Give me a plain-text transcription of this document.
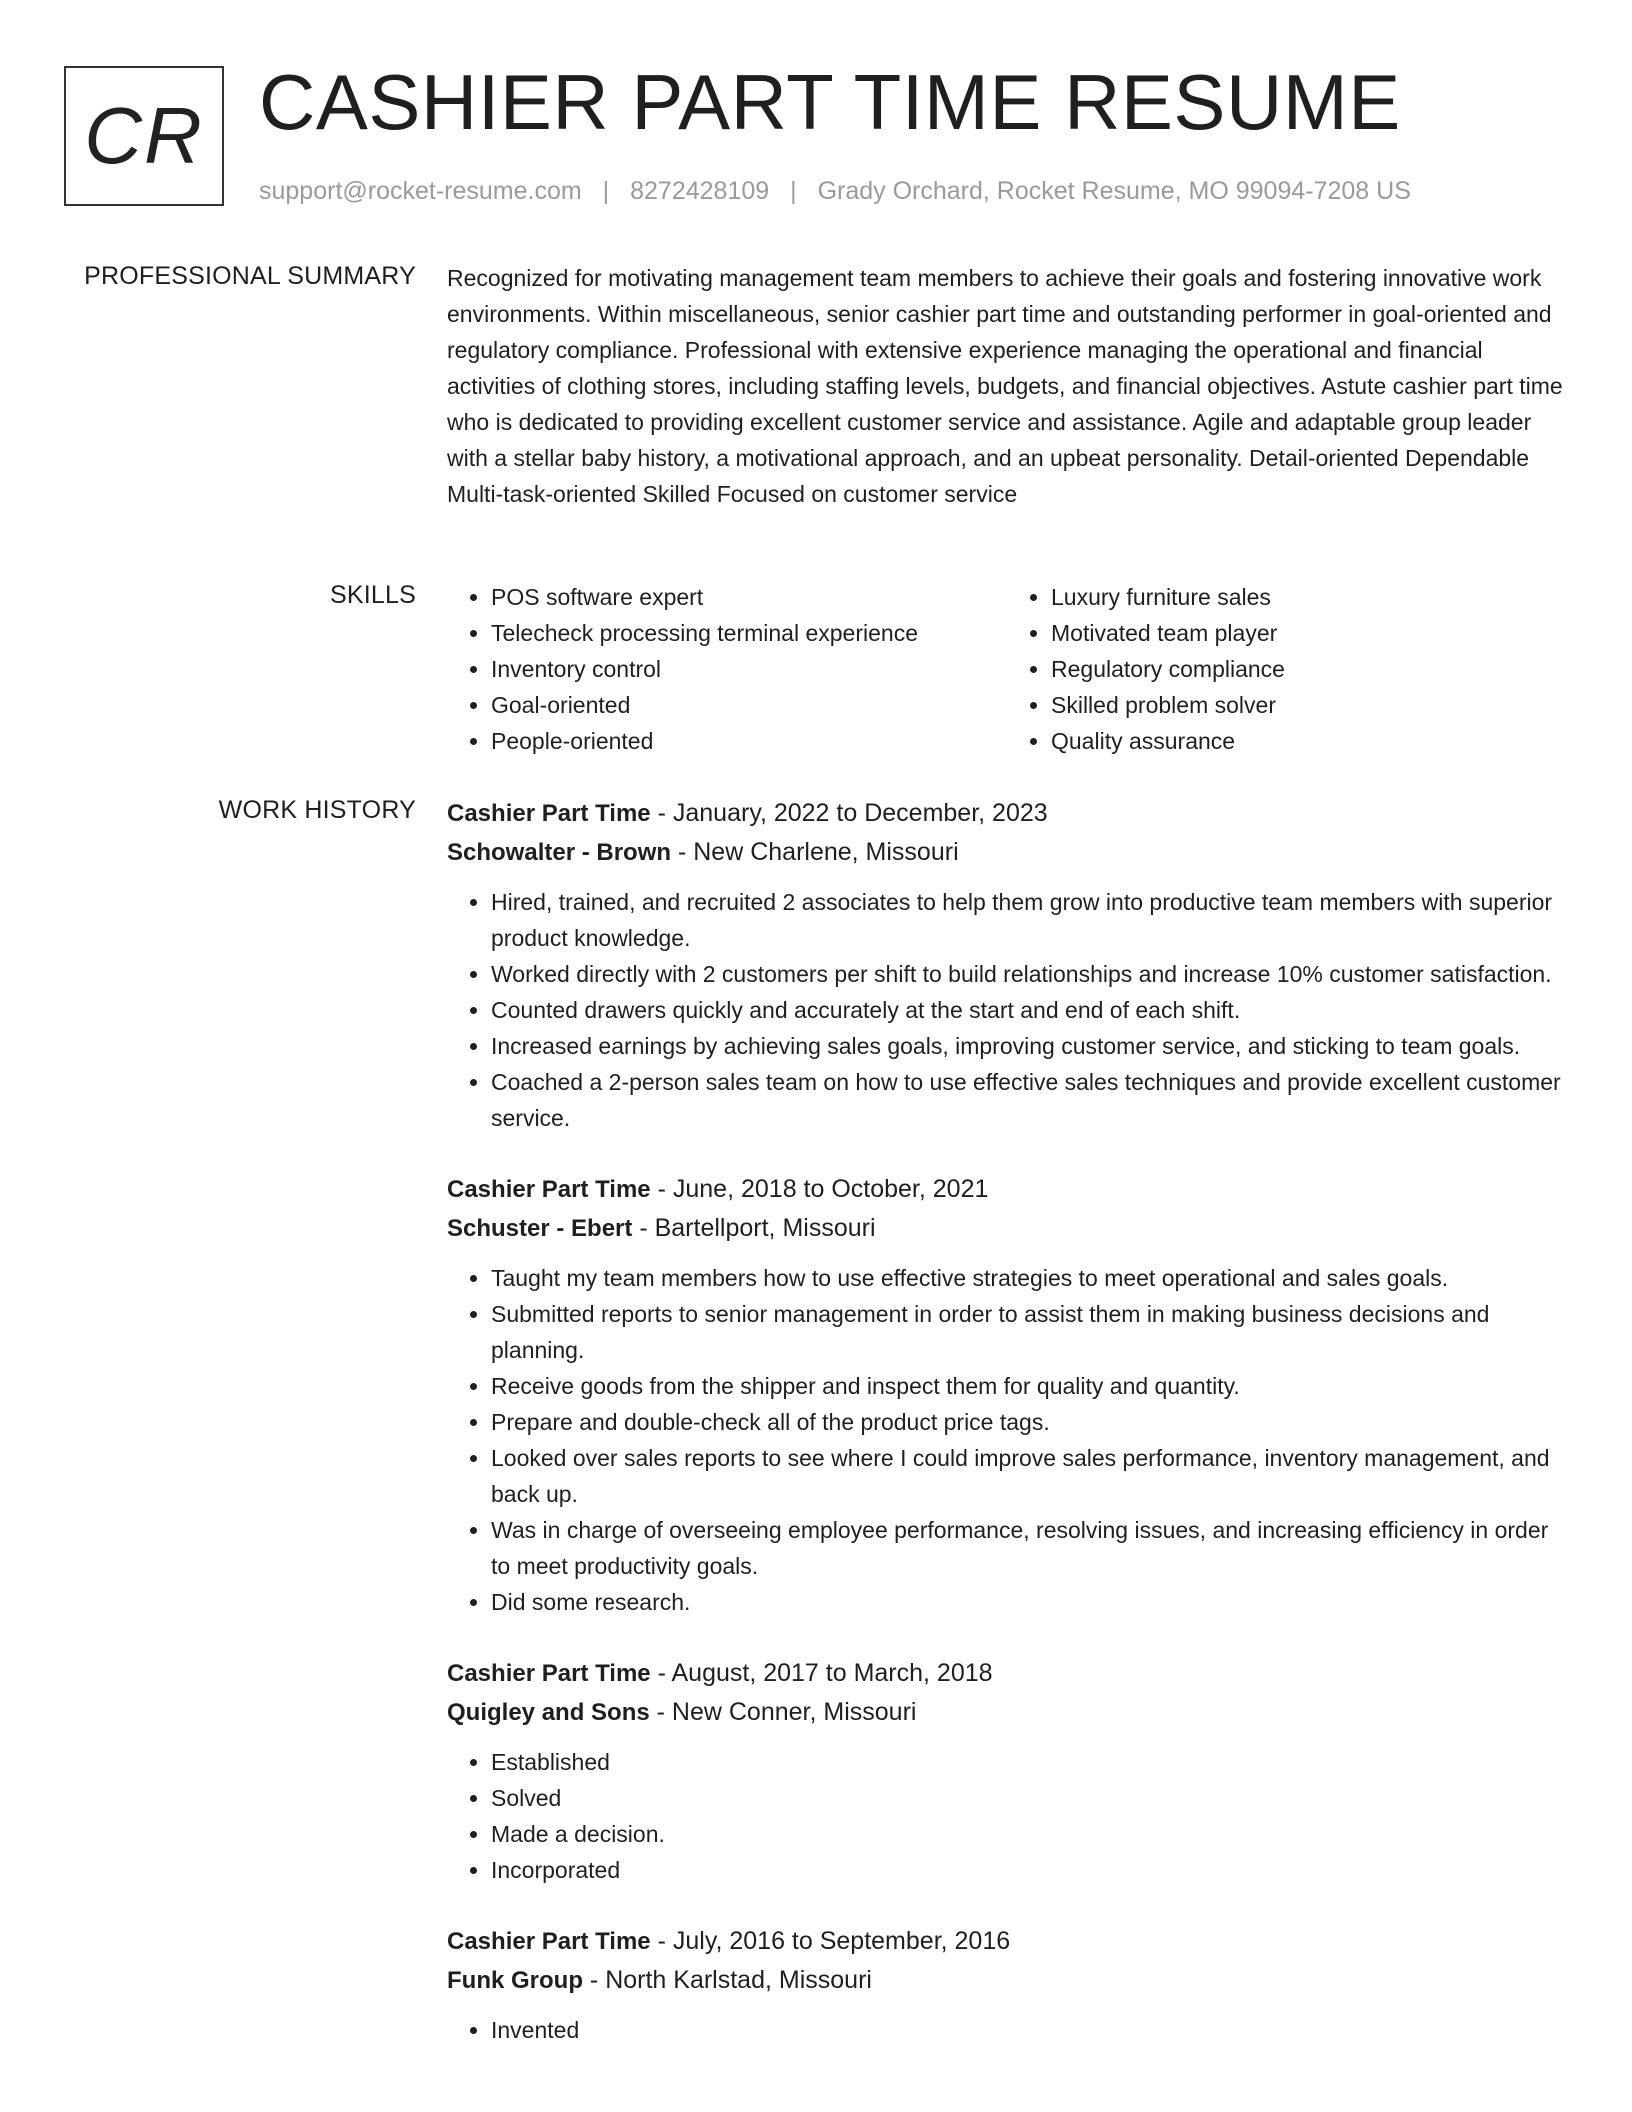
CR CASHIER PART TIME RESUME
support@rocket-resume.com | 8272428109 | Grady Orchard, Rocket Resume, MO 99094-7208 US
PROFESSIONAL SUMMARY Recognized for motivating management team members to achieve their goals and fostering innovative work environments. Within miscellaneous, senior cashier part time and outstanding performer in goal-oriented and regulatory compliance. Professional with extensive experience managing the operational and financial activities of clothing stores, including staffing levels, budgets, and financial objectives. Astute cashier part time who is dedicated to providing excellent customer service and assistance. Agile and adaptable group leader with a stellar baby history, a motivational approach, and an upbeat personality. Detail-oriented Dependable Multi-task-oriented Skilled Focused on customer service

SKILLS
•	POS software expert
• Telecheck processing terminal experience
• Inventory control
• Goal-oriented
• People-oriented
• Luxury furniture sales
• Motivated team player
• Regulatory compliance
• Skilled problem solver
• Quality assurance
WORK HISTORY Cashier Part Time - January, 2022 to December, 2023

Schowalter - Brown - New Charlene, Missouri

• Hired, trained, and recruited 2 associates to help them grow into productive team members with superior product knowledge.
• Worked directly with 2 customers per shift to build relationships and increase 10% customer satisfaction.
• Counted drawers quickly and accurately at the start and end of each shift.
• Increased earnings by achieving sales goals, improving customer service, and sticking to team goals.
• Coached a 2-person sales team on how to use effective sales techniques and provide excellent customer service.

Cashier Part Time - June, 2018 to October, 2021

Schuster - Ebert - Bartellport, Missouri

• Taught my team members how to use effective strategies to meet operational and sales goals.
• Submitted reports to senior management in order to assist them in making business decisions and planning.
• Receive goods from the shipper and inspect them for quality and quantity.
• Prepare and double-check all of the product price tags.
• Looked over sales reports to see where I could improve sales performance, inventory management, and back up.
• Was in charge of overseeing employee performance, resolving issues, and increasing efficiency in order to meet productivity goals.
• Did some research.

Cashier Part Time - August, 2017 to March, 2018

Quigley and Sons - New Conner, Missouri

• Established
• Solved
• Made a decision.
• Incorporated

Cashier Part Time - July, 2016 to September, 2016

Funk Group - North Karlstad, Missouri

• Invented
